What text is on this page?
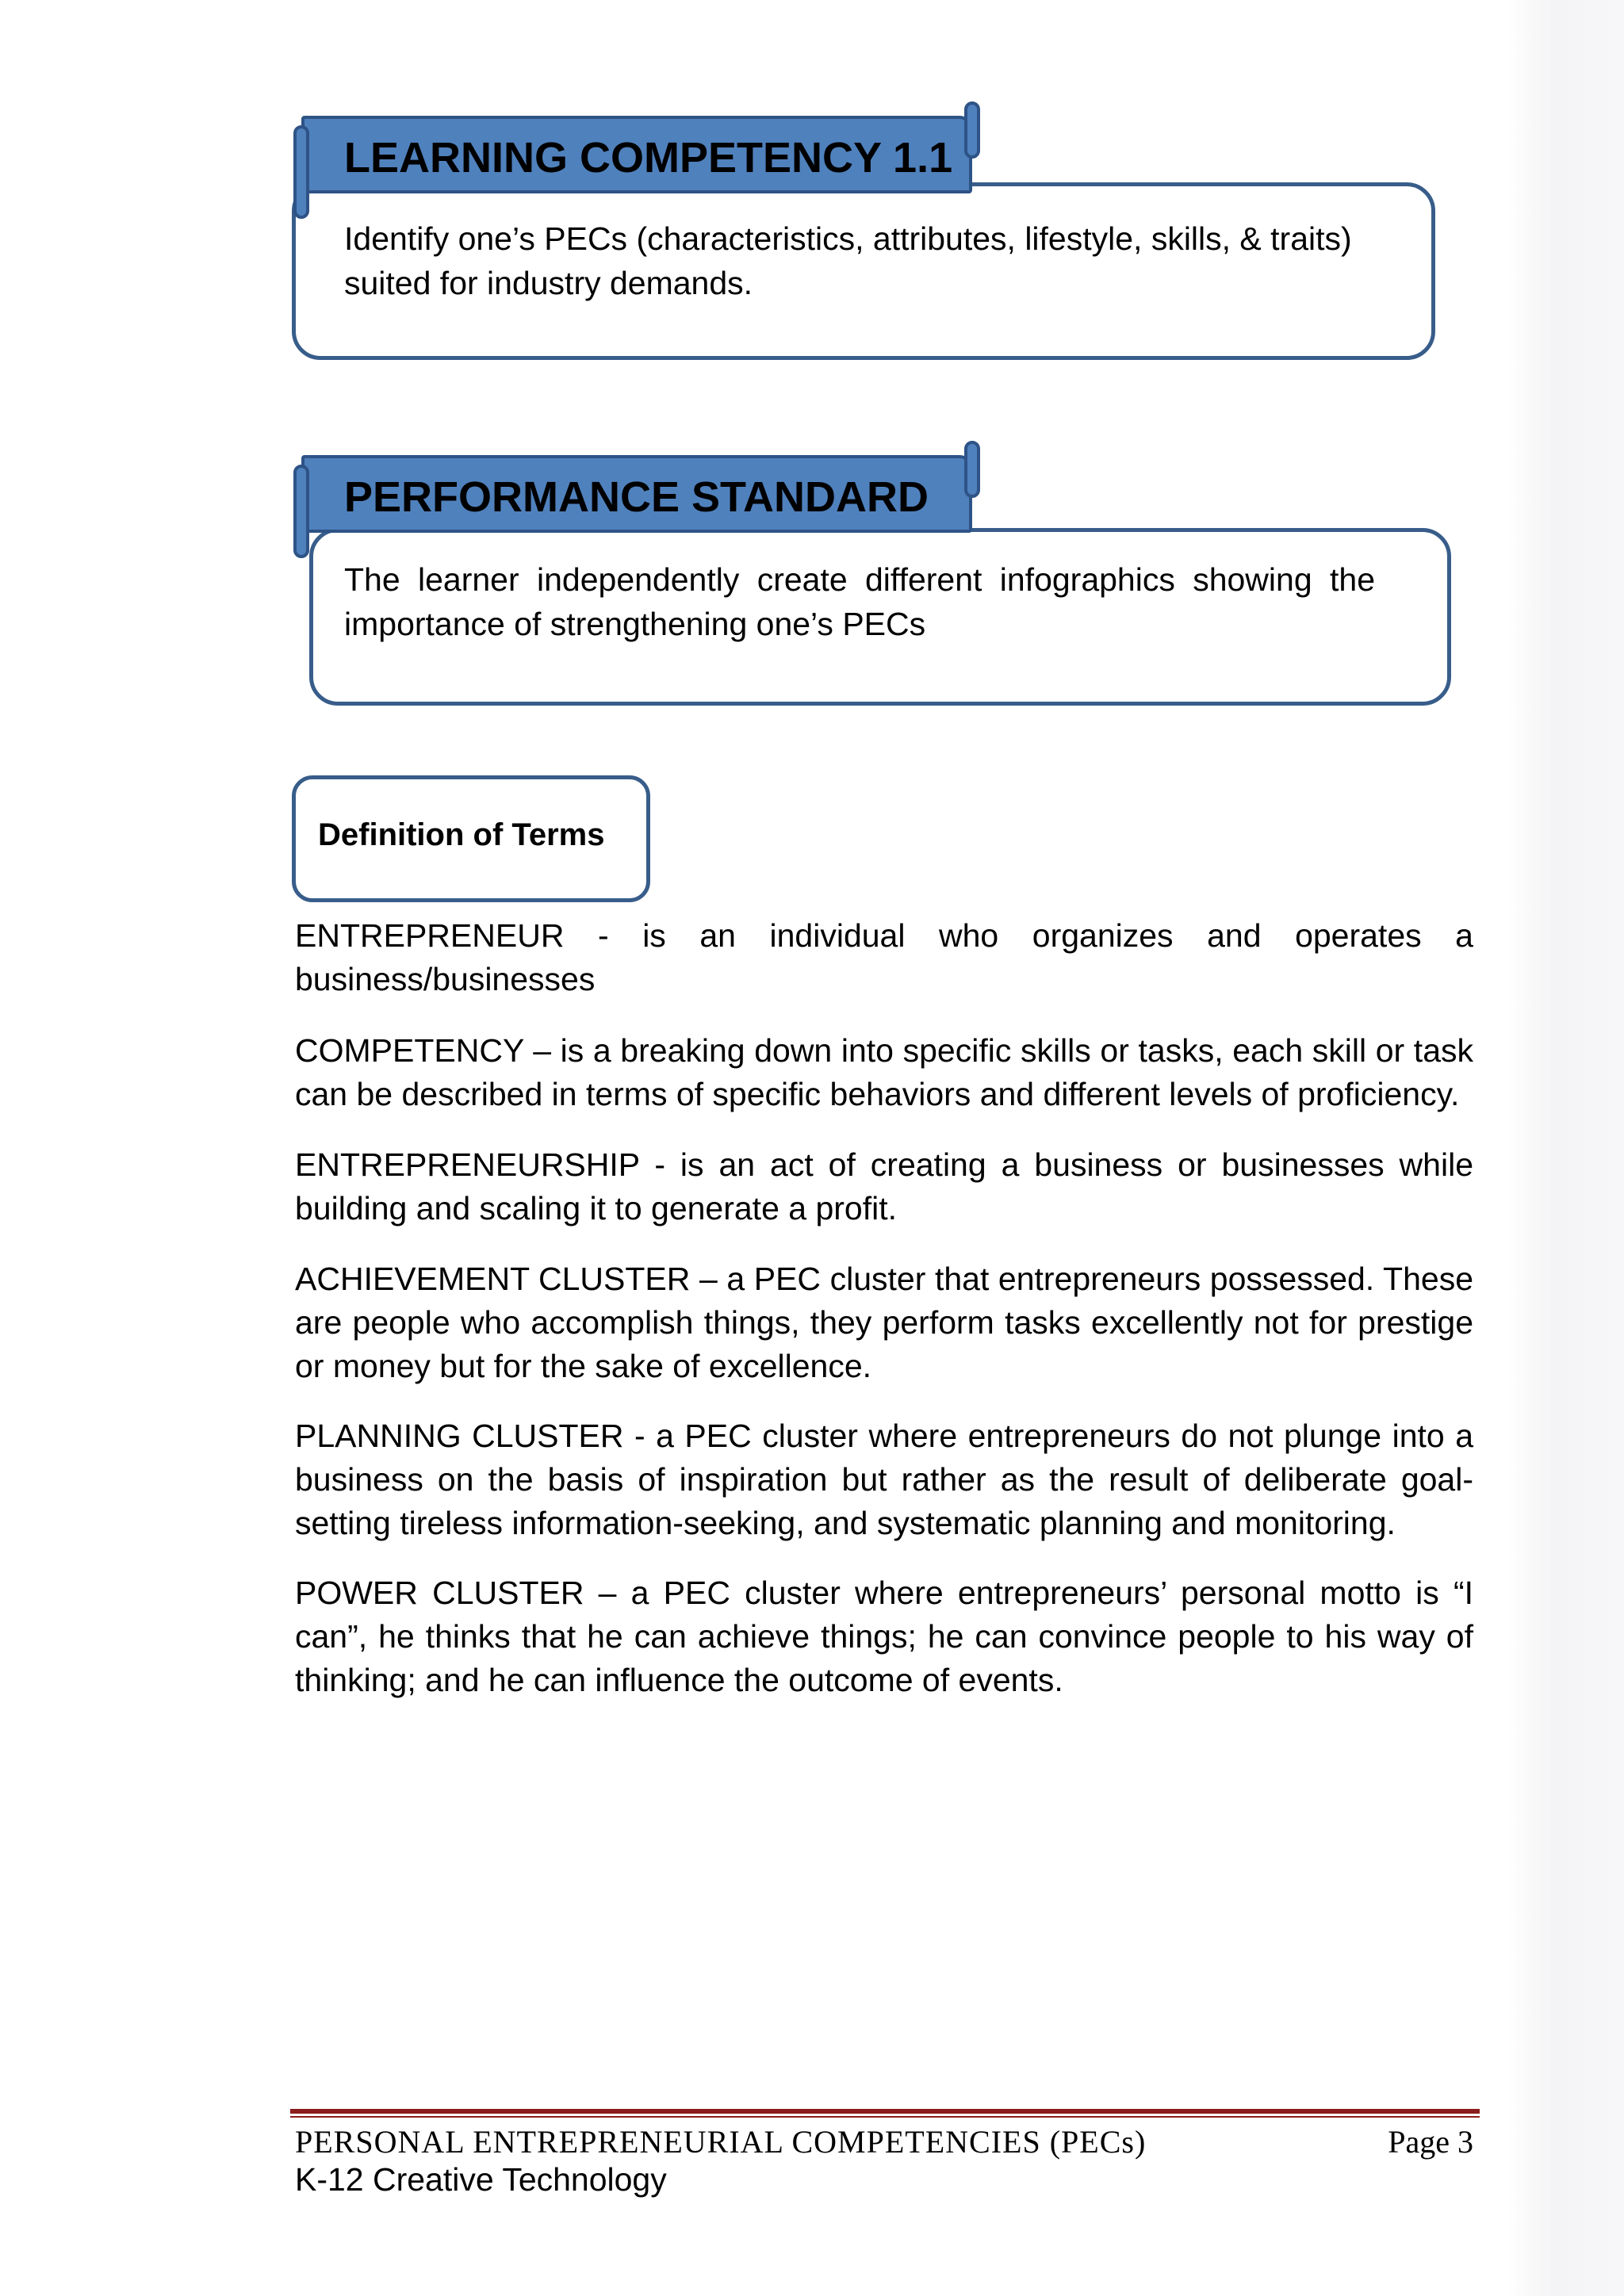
Identify one’s PECs (characteristics, attributes, lifestyle, skills, & traits) suited for industry demands.
LEARNING COMPETENCY 1.1
The learner independently create different infographics showing the importance of strengthening one’s PECs
PERFORMANCE STANDARD
Definition of Terms

ENTREPRENEUR - is an individual who organizes and operates a business/businesses

COMPETENCY – is a breaking down into specific skills or tasks, each skill or task can be described in terms of specific behaviors and different levels of proficiency.

ENTREPRENEURSHIP - is an act of creating a business or businesses while building and scaling it to generate a profit.

ACHIEVEMENT CLUSTER – a PEC cluster that entrepreneurs possessed. These are people who accomplish things, they perform tasks excellently not for prestige or money but for the sake of excellence.

PLANNING CLUSTER - a PEC cluster where entrepreneurs do not plunge into a business on the basis of inspiration but rather as the result of deliberate goal-setting tireless information-seeking, and systematic planning and monitoring.

POWER CLUSTER – a PEC cluster where entrepreneurs’ personal motto is “I can”, he thinks that he can achieve things; he can convince people to his way of thinking; and he can influence the outcome of events.

PERSONAL ENTREPRENEURIAL COMPETENCIES (PECs)	Page 3
K-12 Creative Technology
